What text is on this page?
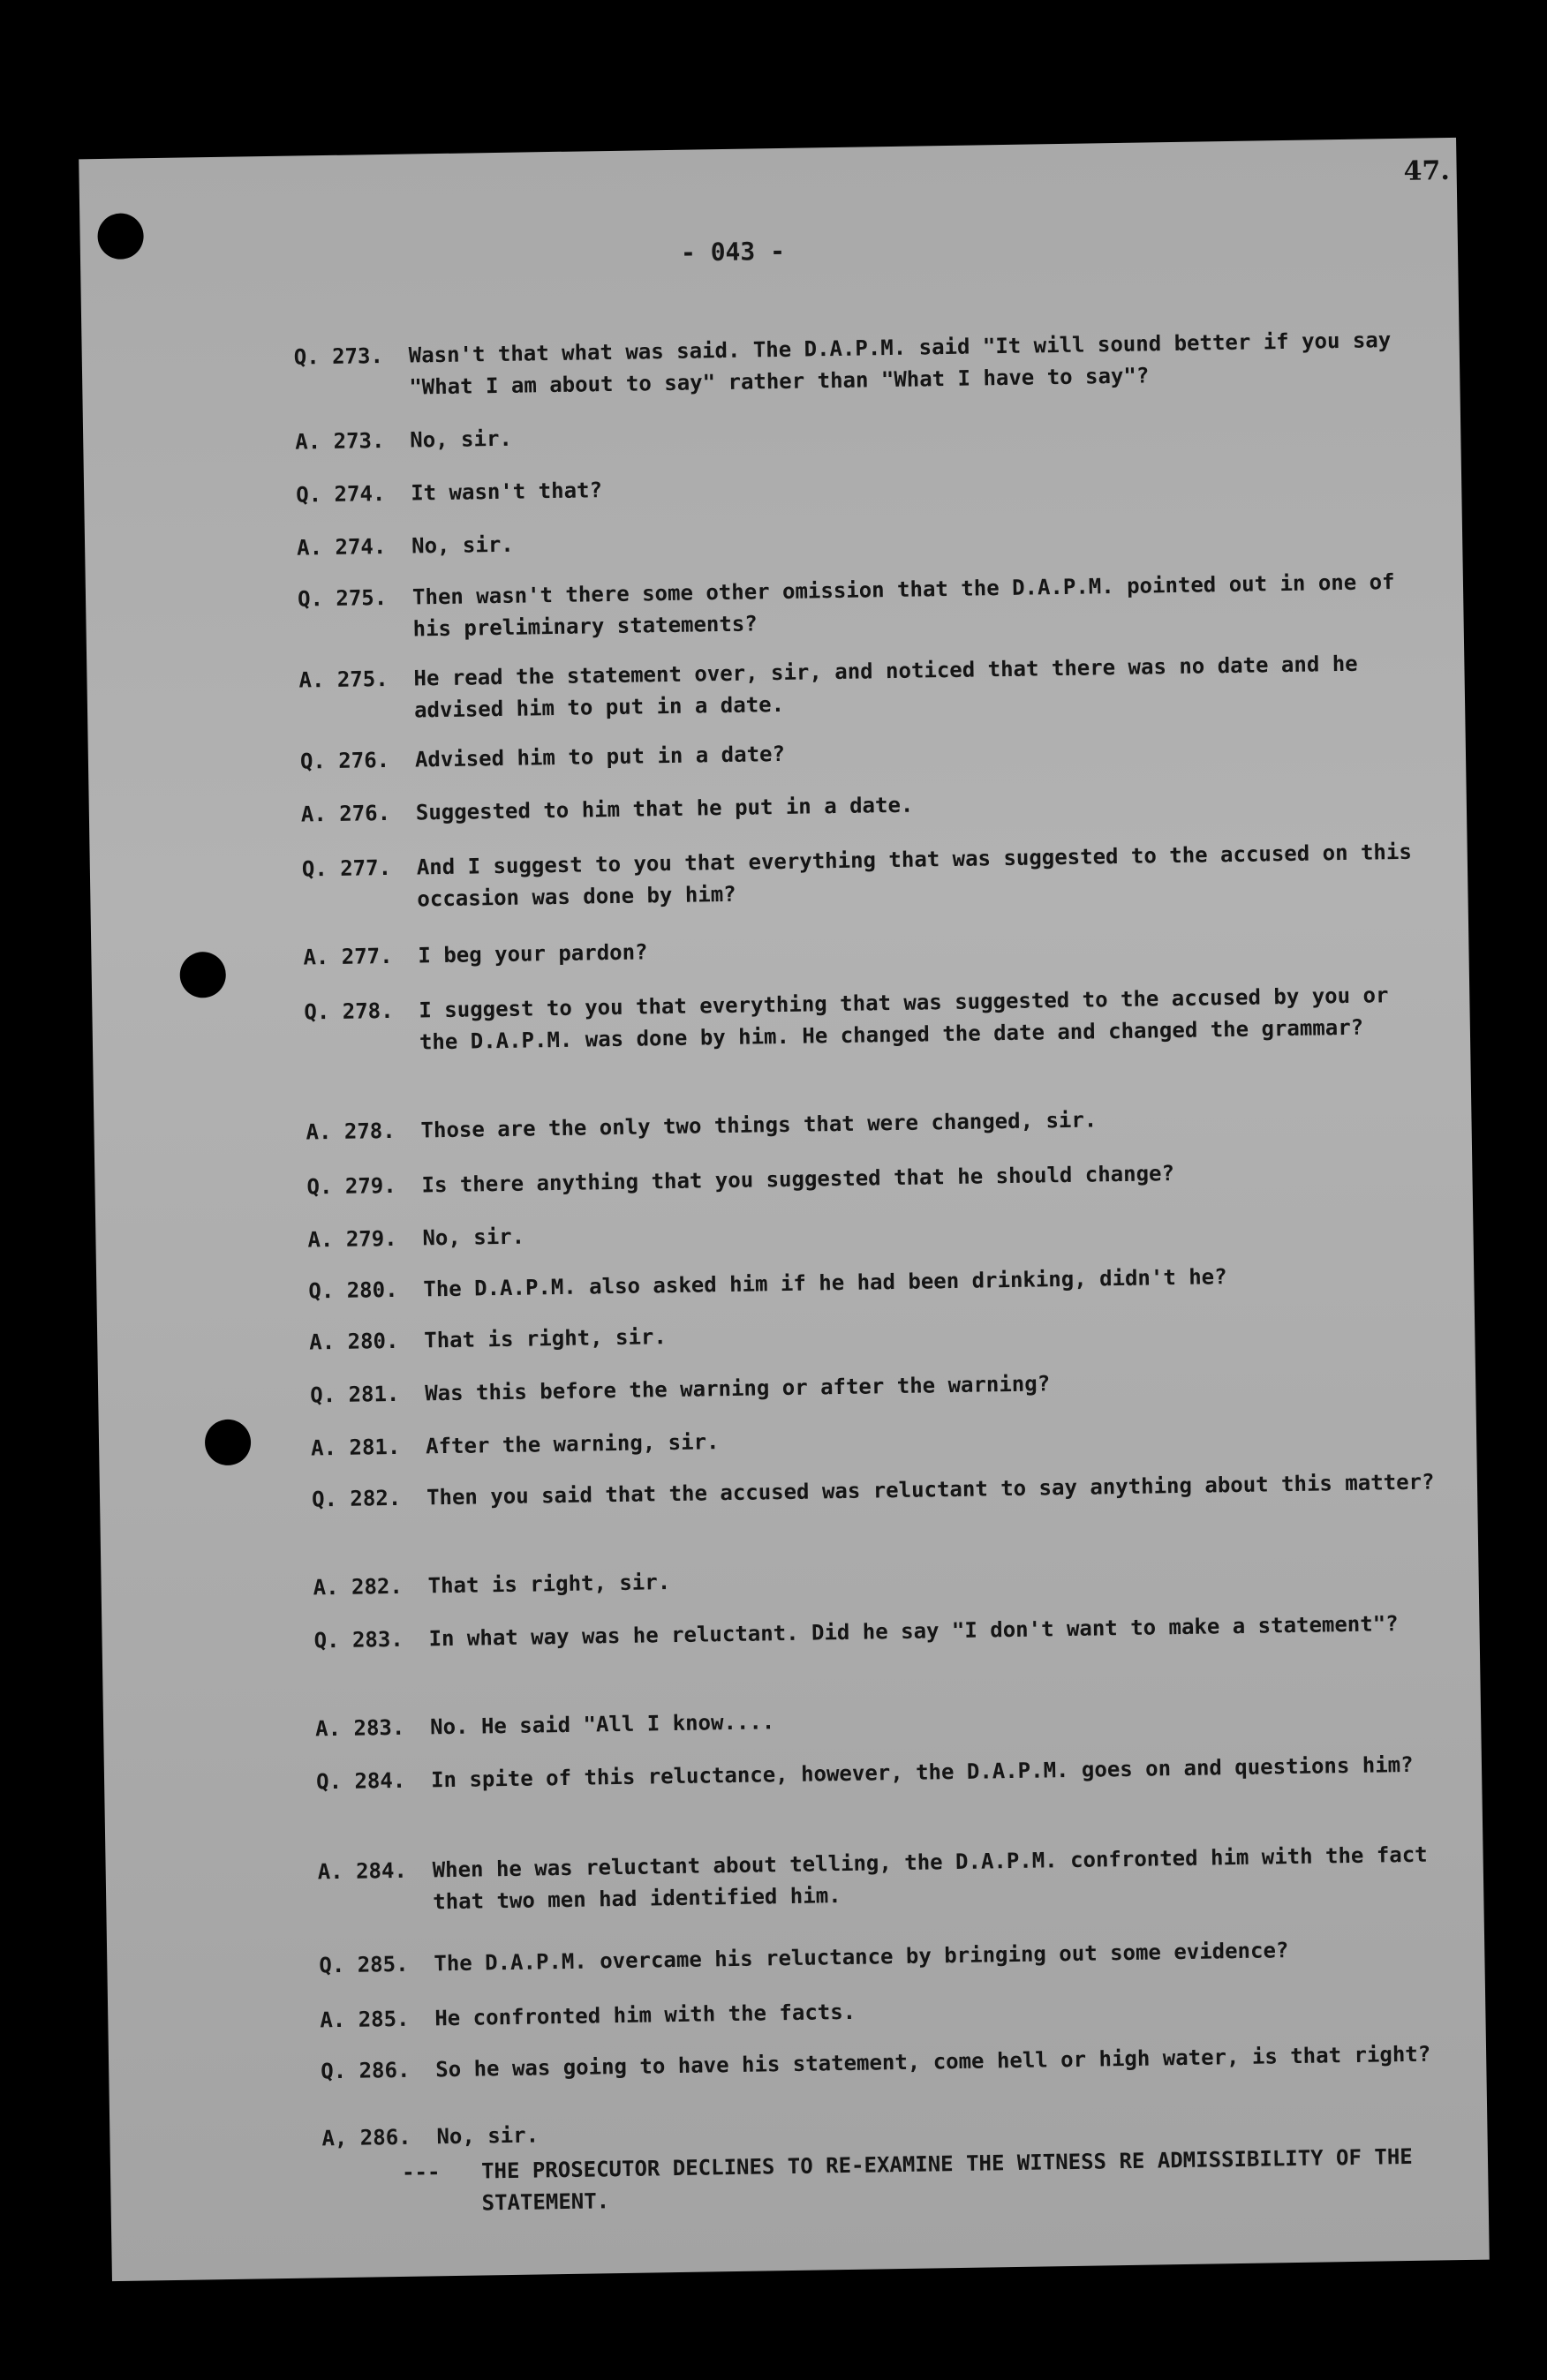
47.
- 043 -
Q. 273.	Wasn't that what was said. The D.A.P.M. said "It will sound better if you say "What I am about to say" rather than "What I have to say"?
A. 273.	No, sir.
Q. 274.	It wasn't that?
A. 274.	No, sir.
Q. 275.	Then wasn't there some other omission that the D.A.P.M. pointed out in one of his preliminary statements?
A. 275.	He read the statement over, sir, and noticed that there was no date and he advised him to put in a date.
Q. 276.	Advised him to put in a date?
A. 276.	Suggested to him that he put in a date.
Q. 277.	And I suggest to you that everything that was suggested to the accused on this occasion was done by him?
A. 277.	I beg your pardon?
Q. 278.	I suggest to you that everything that was suggested to the accused by you or the D.A.P.M. was done by him. He changed the date and changed the grammar?
A. 278.	Those are the only two things that were changed, sir.
Q. 279.	Is there anything that you suggested that he should change?
A. 279.	No, sir.
Q. 280.	The D.A.P.M. also asked him if he had been drinking, didn't he?
A. 280.	That is right, sir.
Q. 281.	Was this before the warning or after the warning?
A. 281.	After the warning, sir.
Q. 282.	Then you said that the accused was reluctant to say anything about this matter?
A. 282.	That is right, sir.
Q. 283.	In what way was he reluctant. Did he say "I don't want to make a statement"?
A. 283.	No. He said "All I know....
Q. 284.	In spite of this reluctance, however, the D.A.P.M. goes on and questions him?
A. 284.	When he was reluctant about telling, the D.A.P.M. confronted him with the fact that two men had identified him.
Q. 285.	The D.A.P.M. overcame his reluctance by bringing out some evidence?
A. 285.	He confronted him with the facts.
Q. 286.	So he was going to have his statement, come hell or high water, is that right?
A, 286.	No, sir.
---	THE PROSECUTOR DECLINES TO RE-EXAMINE THE WITNESS RE ADMISSIBILITY OF THE STATEMENT.
